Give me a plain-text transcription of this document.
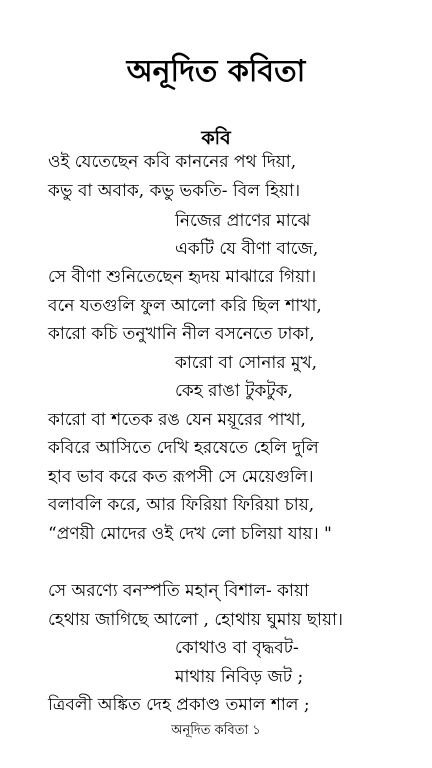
অনূদিত কবিতা
কবি
ওই যেতেছেন কবি কাননের পথ দিয়া,
কভু বা অবাক, কভু ভকতি- বিল হিয়া।
নিজের প্রাণের মাঝে
একটি যে বীণা বাজে,
সে বীণা শুনিতেছেন হৃদয় মাঝারে গিয়া।
বনে যতগুলি ফুল আলো করি ছিল শাখা,
কারো কচি তনুখানি নীল বসনেতে ঢাকা,
কারো বা সোনার মুখ,
কেহ রাঙা টুকটুক,
কারো বা শতেক রঙ যেন ময়ূরের পাখা,
কবিরে আসিতে দেখি হরষেতে হেলি দুলি
হাব ভাব করে কত রূপসী সে মেয়েগুলি।
বলাবলি করে, আর ফিরিয়া ফিরিয়া চায়,
“প্রণয়ী মোদের ওই দেখ লো চলিয়া যায়। "
সে অরণ্যে বনস্পতি মহান্ বিশাল- কায়া
হেথায় জাগিছে আলো , হোথায় ঘুমায় ছায়া।
কোথাও বা বৃদ্ধবট-
মাথায় নিবিড় জট ;
ত্রিবলী অঙ্কিত দেহ প্রকাণ্ড তমাল শাল ;
অনূদিত কবিতা ১
